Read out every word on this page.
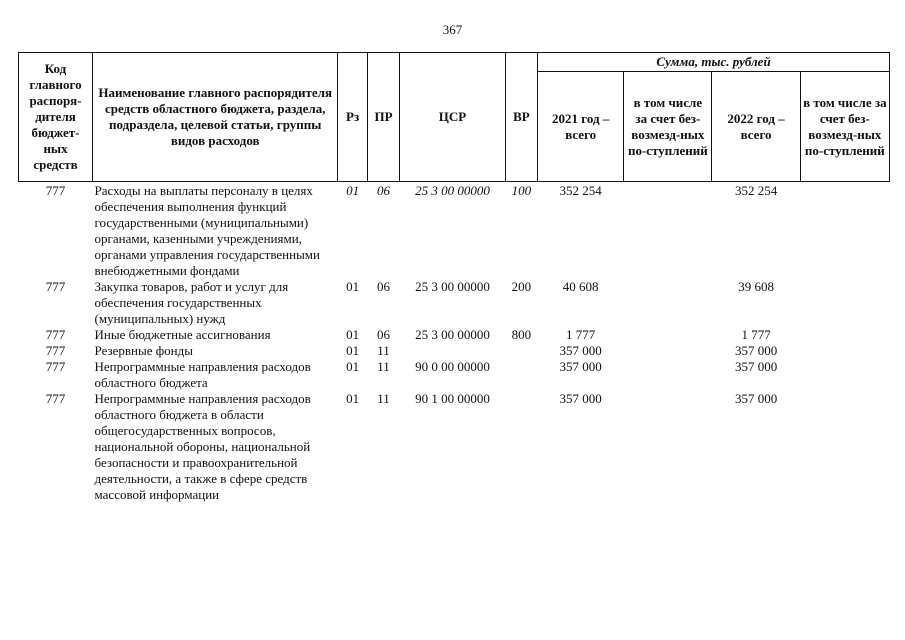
367
Код главного распоря-дителя бюджет-ных средств	Наименование главного распорядителя средств областного бюджета, раздела, подраздела, целевой статьи, группы видов расходов	Рз	ПР	ЦСР	ВР	Сумма, тыс. рублей			
						2021 год – всего	в том числе за счет без-возмезд-ных по-ступлений	2022 год – всего	в том числе за счет без-возмезд-ных по-ступлений
777	Расходы на выплаты персоналу в целях обеспечения выполнения функций государственными (муниципальными) органами, казенными учреждениями, органами управления государственными внебюджетными фондами	01	06	25 3 00 00000	100	352 254		352 254	
777	Закупка товаров, работ и услуг для обеспечения государственных (муниципальных) нужд	01	06	25 3 00 00000	200	40 608		39 608	
777	Иные бюджетные ассигнования	01	06	25 3 00 00000	800	1 777		1 777	
777	Резервные фонды	01	11			357 000		357 000	
777	Непрограммные направления расходов областного бюджета	01	11	90 0 00 00000		357 000		357 000	
777	Непрограммные направления расходов областного бюджета в области общегосударственных вопросов, национальной обороны, национальной безопасности и правоохранительной деятельности, а также в сфере средств массовой информации	01	11	90 1 00 00000		357 000		357 000	
